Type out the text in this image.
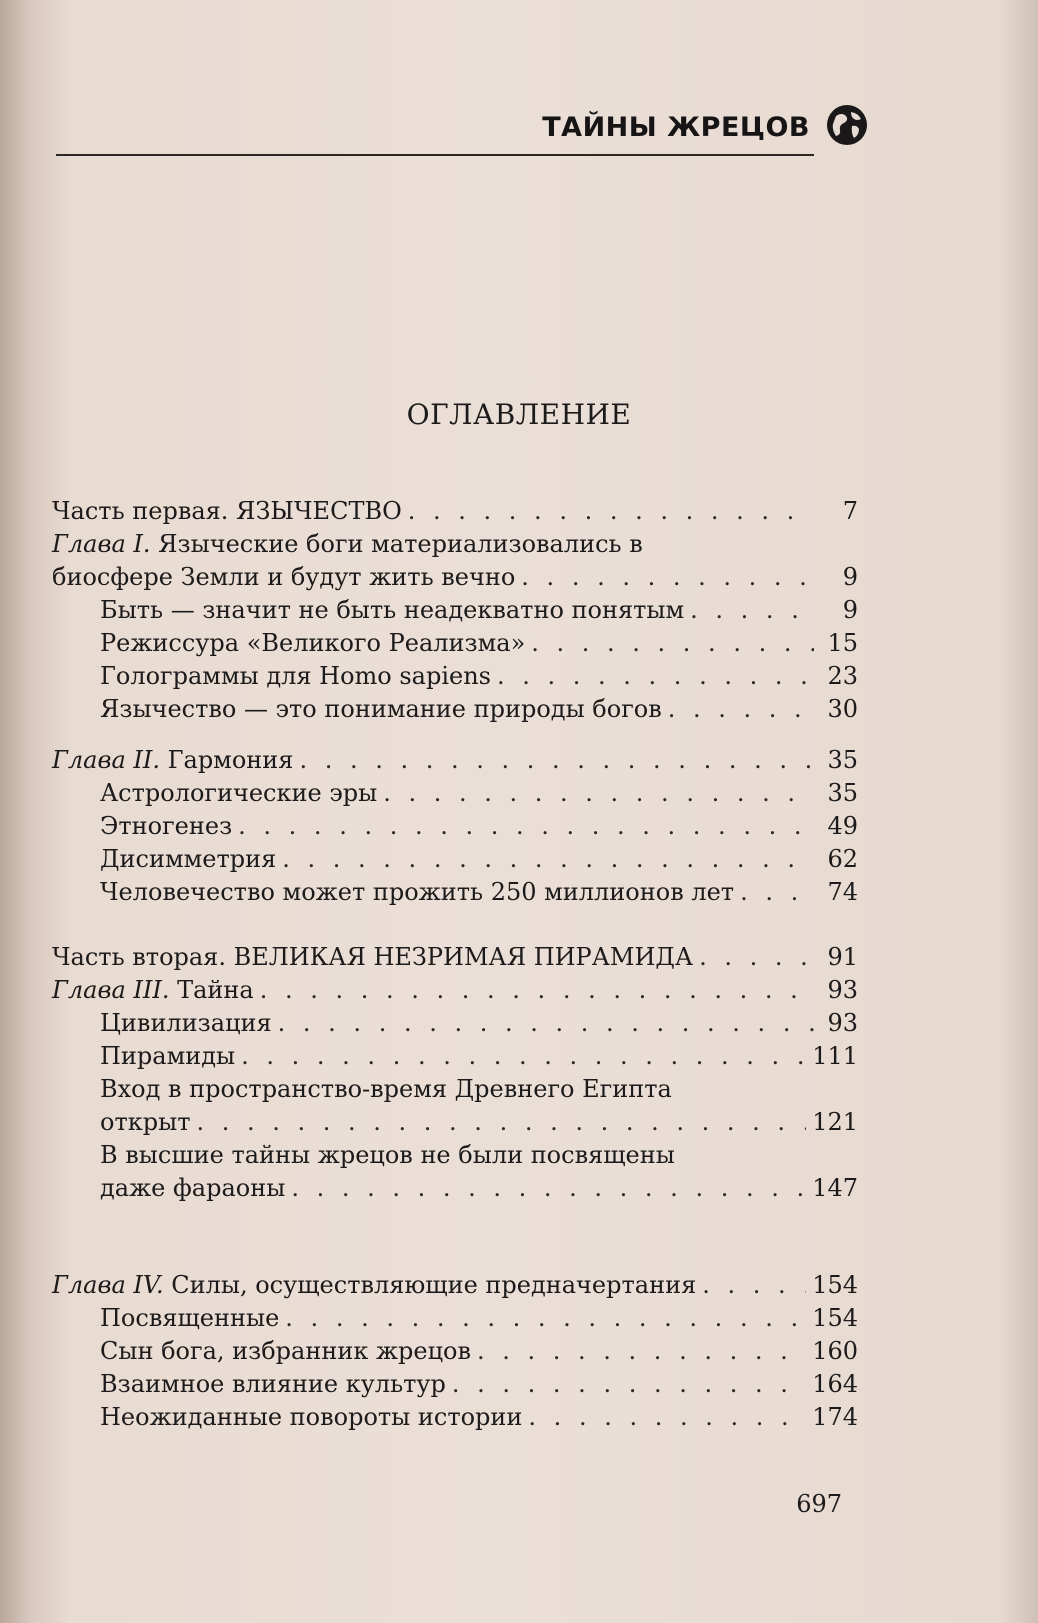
ТАЙНЫ ЖРЕЦОВ
ОГЛАВЛЕНИЕ
Часть первая. ЯЗЫЧЕСТВО . . .	7
Глава I. Языческие боги материализовались в
биосфере Земли и будут жить вечно . . .	9
Быть — значит не быть неадекватно понятым . . .	9
Режиссура «Великого Реализма» . . .	15
Голограммы для Homo sapiens . . .	23
Язычество — это понимание природы богов . . .	30
Глава II. Гармония . . .	35
Астрологические эры . . .	35
Этногенез . . .	49
Дисимметрия . . .	62
Человечество может прожить 250 миллионов лет . . .	74
Часть вторая. ВЕЛИКАЯ НЕЗРИМАЯ ПИРАМИДА . . .	91
Глава III. Тайна . . .	93
Цивилизация . . .	93
Пирамиды . . .	111
Вход в пространство-время Древнего Египта
открыт . . .	121
В высшие тайны жрецов не были посвящены
даже фараоны . . .	147
Глава IV. Силы, осуществляющие предначертания . . .	154
Посвященные . . .	154
Сын бога, избранник жрецов . . .	160
Взаимное влияние культур . . .	164
Неожиданные повороты истории . . .	174
697
